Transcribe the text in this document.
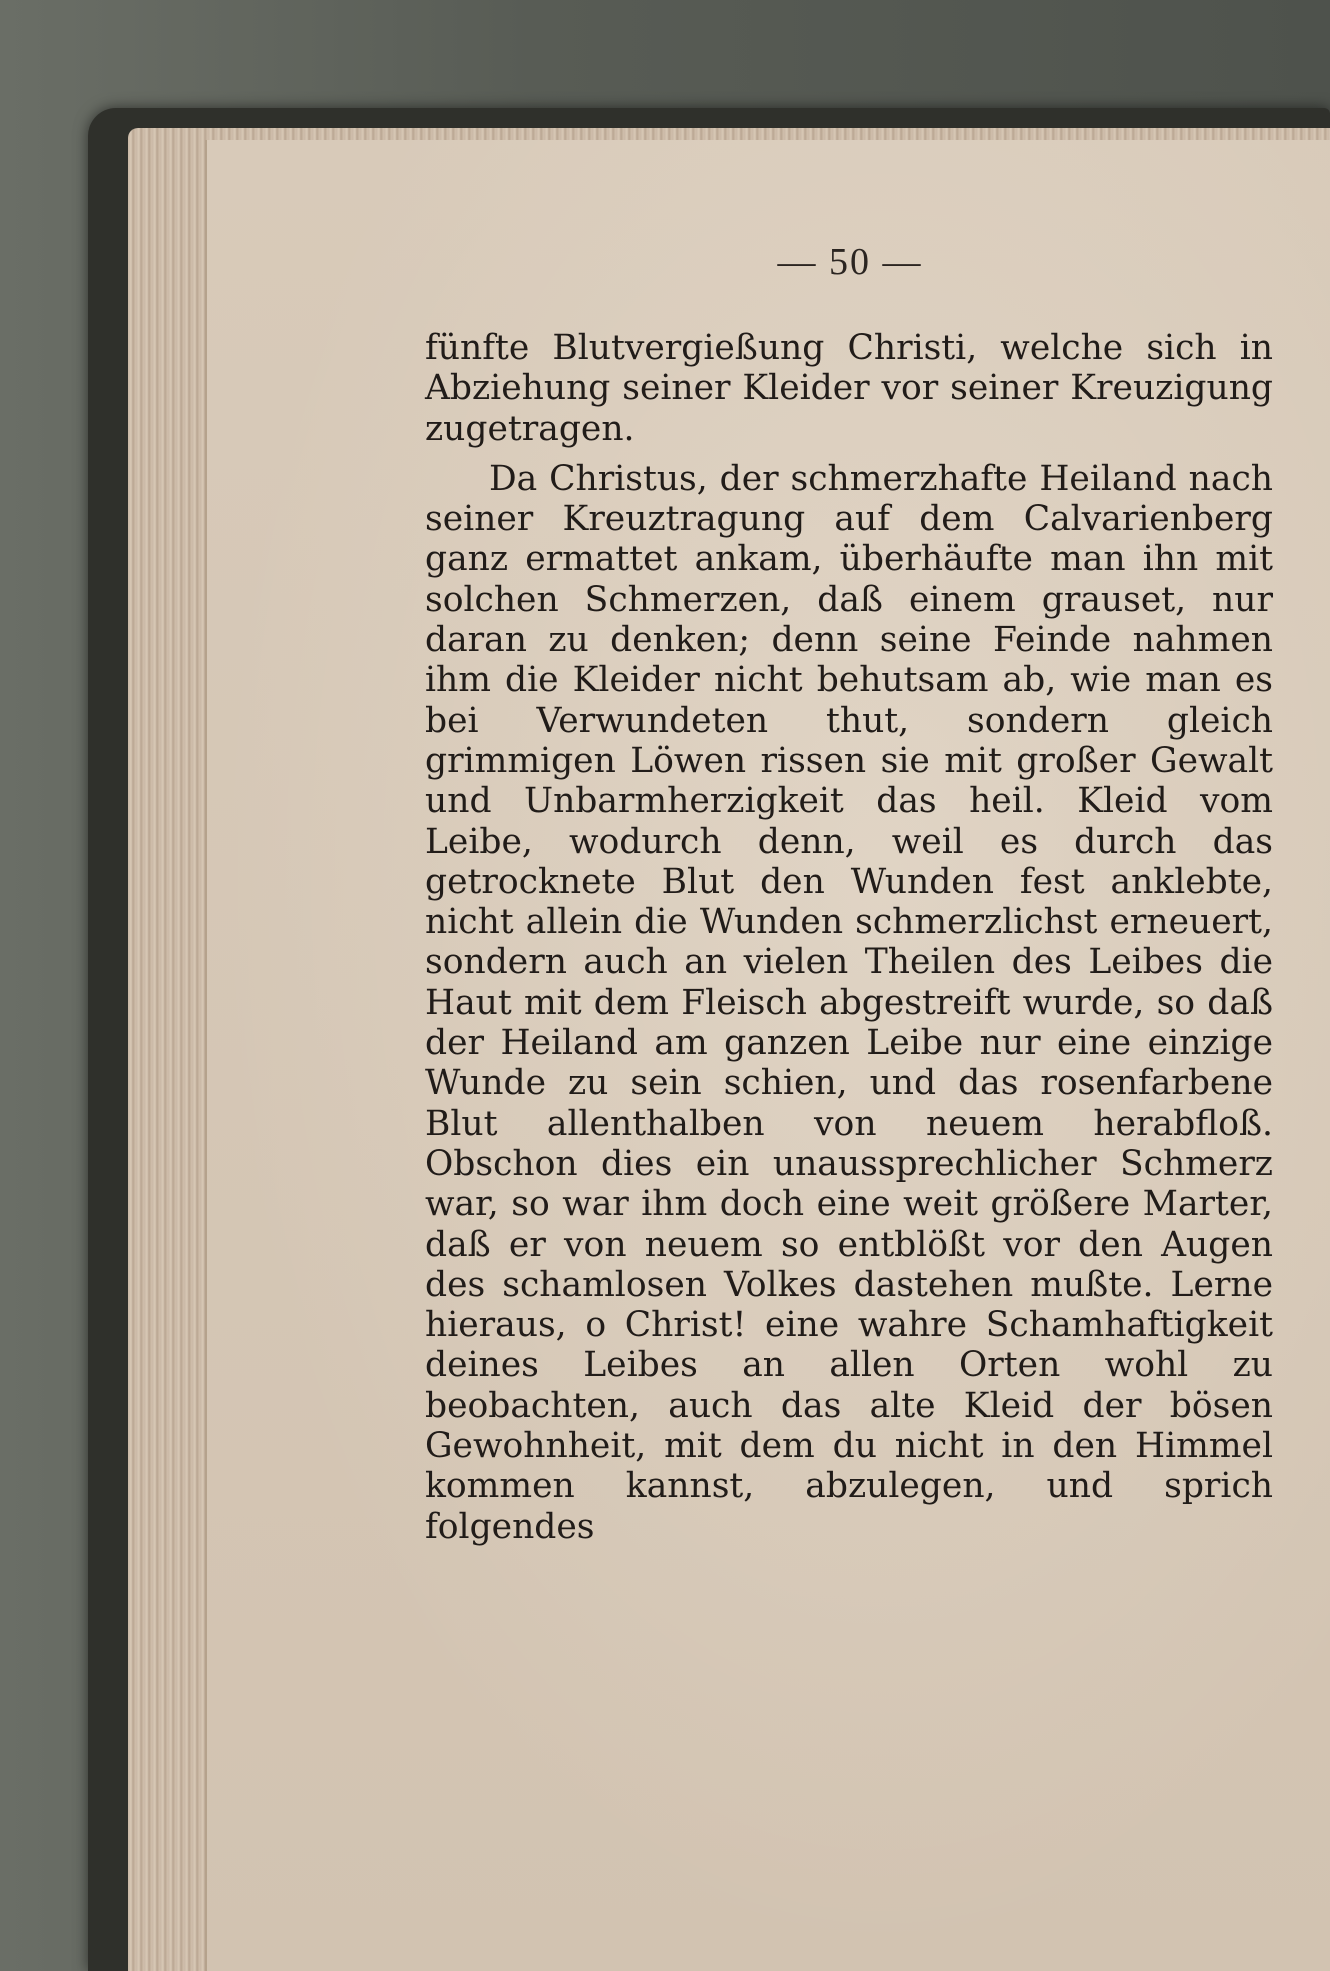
— 50 —

fünfte Blutvergießung Christi, welche sich in Abziehung seiner Kleider vor seiner Kreuzigung zugetragen.

Da Christus, der schmerzhafte Heiland nach seiner Kreuztragung auf dem Calvarienberg ganz ermattet ankam, überhäufte man ihn mit solchen Schmerzen, daß einem grauset, nur daran zu denken; denn seine Feinde nahmen ihm die Kleider nicht behutsam ab, wie man es bei Verwundeten thut, sondern gleich grimmigen Löwen rissen sie mit großer Gewalt und Unbarmherzigkeit das heil. Kleid vom Leibe, wodurch denn, weil es durch das getrocknete Blut den Wunden fest anklebte, nicht allein die Wunden schmerzlichst erneuert, sondern auch an vielen Theilen des Leibes die Haut mit dem Fleisch abgestreift wurde, so daß der Heiland am ganzen Leibe nur eine einzige Wunde zu sein schien, und das rosenfarbene Blut allenthalben von neuem herabfloß. Obschon dies ein unaussprechlicher Schmerz war, so war ihm doch eine weit größere Marter, daß er von neuem so entblößt vor den Augen des schamlosen Volkes dastehen mußte. Lerne hieraus, o Christ! eine wahre Schamhaftigkeit deines Leibes an allen Orten wohl zu beobachten, auch das alte Kleid der bösen Gewohnheit, mit dem du nicht in den Himmel kommen kannst, abzulegen, und sprich folgendes
